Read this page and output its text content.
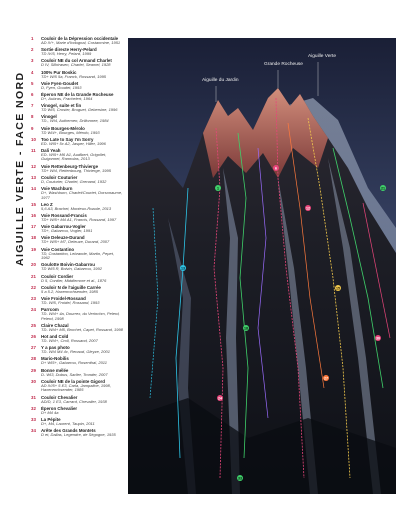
AIGUILLE VERTE - FACE NORD
1 Couloir de la Dépression occidentale
AD IV+, Marie d'Indugnal, Costanmine, 1951
2 Sortie directe Herry-Pelard
TD IV/5, Herry, Pelard, 1999
3 Couloir NE du col Armand Charlet
D IV, Silhtrasen, Charlet, Seamel, 1928
4 100% Pur Boskic
TD+ WI5 5a, Franck, Rossand, 1995
5 Voie Fyen-Goudet
D, Fyen, Goudet, 1993
6 Éperon NE de la Grande Rocheuse
D+, Aubras, Frachelert, 1964
7 Vinogel, suite et fin
TD WI5, Crosier, Bruguet, Gebersine, 1996
8 Vinogel
TD-, WI4, Authemen, Drillonnee, 1984
9 Voie Bourges-Mérolo
TD WI4+, Bourges, Mérolo, 1993
10 Too Late to Say I'm Sorry
ED- WI5+ 5c A2, Jasper, Hiller, 1996
11 Dali Yeah
ED- WI5+ M6 A1, Audibert, Grigollet, Guigonnet, Rannolas, 2013
12 Voie Rettenbeurg-Thivierge
TD+ WI4, Rettenbourg, Thivierge, 1995
13 Couloir Couturier
D, Couturier, Charlet, Grenand, 1932
14 Voie Wachburn
D+, Washburn, Charlet/Courtet, Dorsonaume, 1977
15 Leo Z
5,6 A3, Brachet, Monteux-Roaule, 2013
16 Voie Rossand-Francis
TD+ WI5+ M4 A1, Francis, Rossand, 1997
17 Voie Gabarrou-Vogler
TD+, Gabarrou, Vogler, 1991
18 Voie Deleuze-Durand
TD+ WI5+ M7, Deleuze, Durand, 2007
19 Voie Costantino
TD, Costantino, Lebrande, Martin, Pepet, 1962
20 Goulotte Boivin-Gabarrou
TD WI5 R, Boivin, Gabarrou, 1992
21 Couloir Cordier
D 5, Cordier, Middlemore et al., 1876
22 Couloir N de l'aiguille Carrée
5 a 5.2, Haxenrochsender, 1985
23 Voie Froidel-Rossand
TD- WI5, Froidel, Rossand, 1993
24 Parrcom
TD- WI4+ 4a, Dourrex, du Verinchm, Pelerd, Pelerd, 1998
25 Claire Chazal
TD- WI4+ M5, Brochet, Capet, Rossand, 1998
26 Hot and Cold
TD- WI4+, Croll, Rossand, 2007
27 Y a pas photo
TD- WI4 M4 4c, Renaud, Gleyze, 2001
28 Mario-Nobilis
D+ WI5+, Gabarrou, Rosenthal, 2011
29 Bonne mélée
D- WI3, Dubus, Sarlier, Tronder, 2007
30 Couloir NE de la pointe Gigord
AD IV/5+ 5 E3, Carla, Jampaline, 1998, Haxenrochsender, 1985
31 Couloir Chevalier
AD/D, 1 E3, Carrard, Chevalier, 1938
32 Éperon Chevalier
D+ M4 4a
33 La Pépite
D+, M4, Laurent, Taupin, 2011
34 Arête des Grands Montets
D et, Dallas, Legendre, de Ségogne, 1935
1
6
12
13
15
18
21
24
27
30
33
Aiguille du Jardin
Grande Rocheuse
Aiguille Verte
